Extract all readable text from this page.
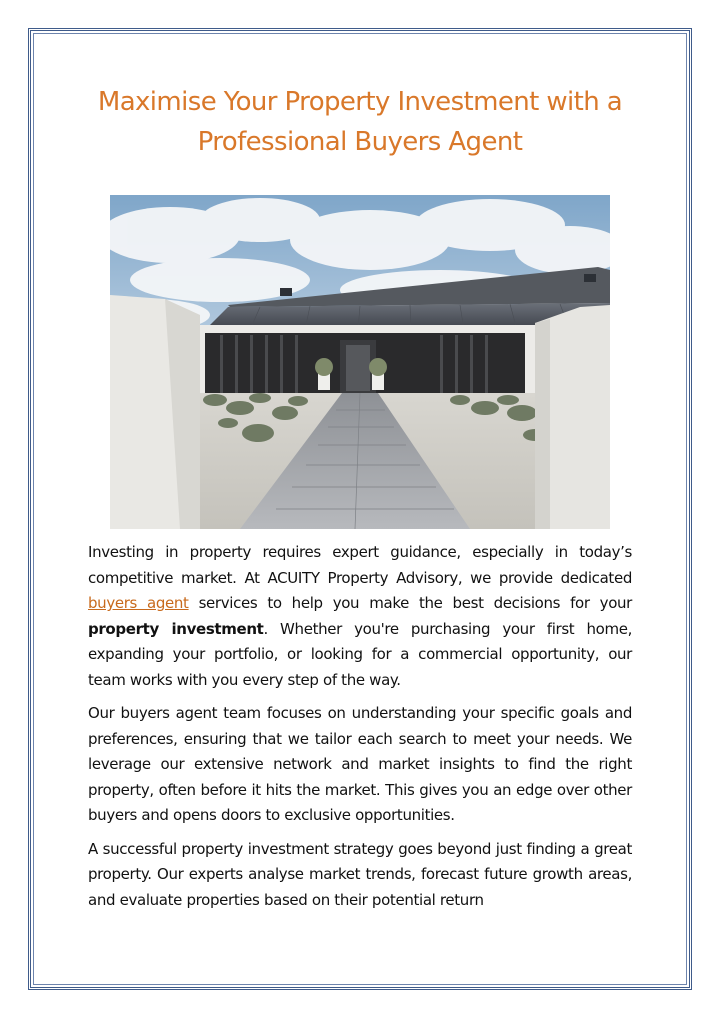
Maximise Your Property Investment with a
Professional Buyers Agent

Investing in property requires expert guidance, especially in today’s competitive market. At ACUITY Property Advisory, we provide dedicated buyers agent services to help you make the best decisions for your property investment. Whether you're purchasing your first home, expanding your portfolio, or looking for a commercial opportunity, our team works with you every step of the way.

Our buyers agent team focuses on understanding your specific goals and preferences, ensuring that we tailor each search to meet your needs. We leverage our extensive network and market insights to find the right property, often before it hits the market. This gives you an edge over other buyers and opens doors to exclusive opportunities.

A successful property investment strategy goes beyond just finding a great property. Our experts analyse market trends, forecast future growth areas, and evaluate properties based on their potential return
